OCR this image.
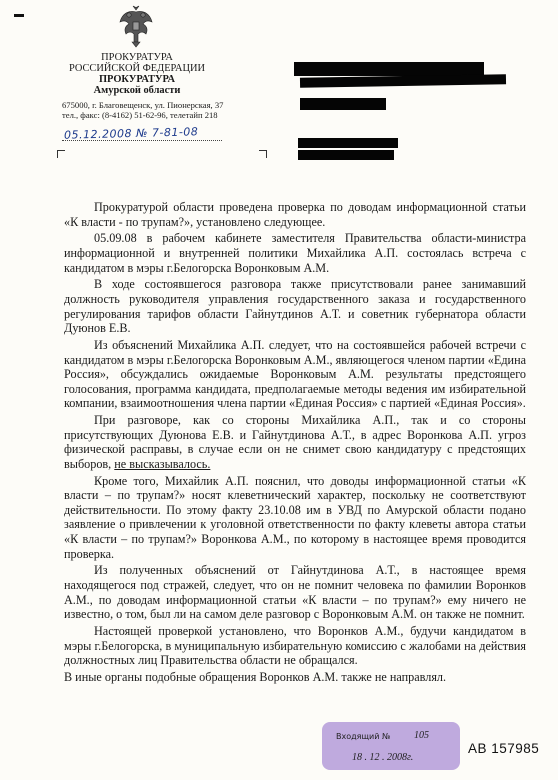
ПРОКУРАТУРА
РОССИЙСКОЙ ФЕДЕРАЦИИ
ПРОКУРАТУРА
Амурской области
675000, г. Благовещенск, ул. Пионерская, 37
тел., факс: (8-4162) 51-62-96, телетайп 218
05.12.2008 № 7-81-08

Прокуратурой области проведена проверка по доводам информационной статьи «К власти - по трупам?», установлено следующее.

05.09.08 в рабочем кабинете заместителя Правительства области-министра информационной и внутренней политики Михайлика А.П. состоялась встреча с кандидатом в мэры г.Белогорска Воронковым А.М.

В ходе состоявшегося разговора также присутствовали ранее занимавший должность руководителя управления государственного заказа и государственного регулирования тарифов области Гайнутдинов А.Т. и советник губернатора области Дуюнов Е.В.

Из объяснений Михайлика А.П. следует, что на состоявшейся рабочей встречи с кандидатом в мэры г.Белогорска Воронковым А.М., являющегося членом партии «Едина Россия», обсуждались ожидаемые Воронковым А.М. результаты предстоящего голосования, программа кандидата, предполагаемые методы ведения им избирательной компании, взаимоотношения члена партии «Единая Россия» с партией «Единая Россия».

При разговоре, как со стороны Михайлика А.П., так и со стороны присутствующих Дуюнова Е.В. и Гайнутдинова А.Т., в адрес Воронкова А.П. угроз физической расправы, в случае если он не снимет свою кандидатуру с предстоящих выборов, не высказывалось.

Кроме того, Михайлик А.П. пояснил, что доводы информационной статьи «К власти – по трупам?» носят клеветнический характер, поскольку не соответствуют действительности. По этому факту 23.10.08 им в УВД по Амурской области подано заявление о привлечении к уголовной ответственности по факту клеветы автора статьи «К власти – по трупам?» Воронкова А.М., по которому в настоящее время проводится проверка.

Из полученных объяснений от Гайнутдинова А.Т., в настоящее время находящегося под стражей, следует, что он не помнит человека по фамилии Воронков А.М., по доводам информационной статьи «К власти – по трупам?» ему ничего не известно, о том, был ли на самом деле разговор с Воронковым А.М. он также не помнит.

Настоящей проверкой установлено, что Воронков А.М., будучи кандидатом в мэры г.Белогорска, в муниципальную избирательную комиссию с жалобами на действия должностных лиц Правительства области не обращался.

В иные органы подобные обращения Воронков А.М. также не направлял.

Входящий № 105
18 . 12 . 2008г.
АВ 157985
